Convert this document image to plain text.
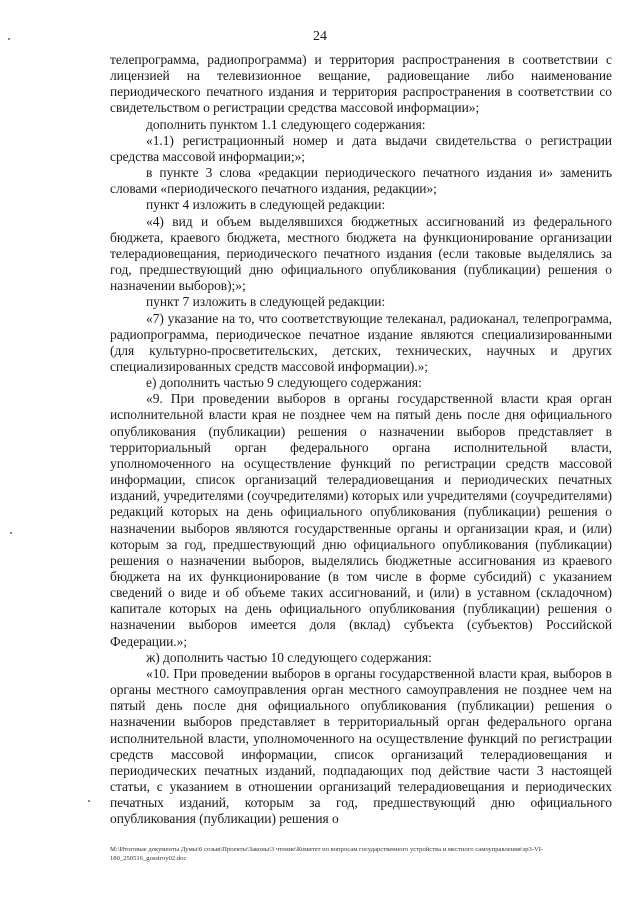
24

телепрограмма, радиопрограмма) и территория распространения в соответствии с лицензией на телевизионное вещание, радиовещание либо наименование периодического печатного издания и территория распространения в соответствии со свидетельством о регистрации средства массовой информации»;

дополнить пунктом 1.1 следующего содержания:

«1.1) регистрационный номер и дата выдачи свидетельства о регистрации средства массовой информации;»;

в пункте 3 слова «редакции периодического печатного издания и» заменить словами «периодического печатного издания, редакции»;

пункт 4 изложить в следующей редакции:

«4) вид и объем выделявшихся бюджетных ассигнований из федерального бюджета, краевого бюджета, местного бюджета на функционирование организации телерадиовещания, периодического печатного издания (если таковые выделялись за год, предшествующий дню официального опубликования (публикации) решения о назначении выборов);»;

пункт 7 изложить в следующей редакции:

«7) указание на то, что соответствующие телеканал, радиоканал, телепрограмма, радиопрограмма, периодическое печатное издание являются специализированными (для культурно-просветительских, детских, технических, научных и других специализированных средств массовой информации).»;

е) дополнить частью 9 следующего содержания:

«9. При проведении выборов в органы государственной власти края орган исполнительной власти края не позднее чем на пятый день после дня официального опубликования (публикации) решения о назначении выборов представляет в территориальный орган федерального органа исполнительной власти, уполномоченного на осуществление функций по регистрации средств массовой информации, список организаций телерадиовещания и периодических печатных изданий, учредителями (соучредителями) которых или учредителями (соучредителями) редакций которых на день официального опубликования (публикации) решения о назначении выборов являются государственные органы и организации края, и (или) которым за год, предшествующий дню официального опубликования (публикации) решения о назначении выборов, выделялись бюджетные ассигнования из краевого бюджета на их функционирование (в том числе в форме субсидий) с указанием сведений о виде и об объеме таких ассигнований, и (или) в уставном (складочном) капитале которых на день официального опубликования (публикации) решения о назначении выборов имеется доля (вклад) субъекта (субъектов) Российской Федерации.»;

ж) дополнить частью 10 следующего содержания:

«10. При проведении выборов в органы государственной власти края, выборов в органы местного самоуправления орган местного самоуправления не позднее чем на пятый день после дня официального опубликования (публикации) решения о назначении выборов представляет в территориальный орган федерального органа исполнительной власти, уполномоченного на осуществление функций по регистрации средств массовой информации, список организаций телерадиовещания и периодических печатных изданий, подпадающих под действие части 3 настоящей статьи, с указанием в отношении организаций телерадиовещания и периодических печатных изданий, которым за год, предшествующий дню официального опубликования (публикации) решения о

M:\Итоговые документы Думы\6 созыв\Проекты\Законы\3 чтение\Комитет по вопросам государственного устройства и местного самоуправления\зр3-VI-
180_250516_gosstroy02.doc
